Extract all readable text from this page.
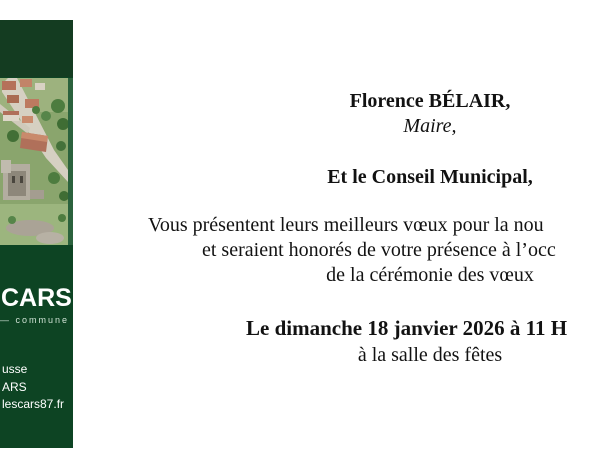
CARS
— commune
usse
ARS
lescars87.fr
Florence BÉLAIR,
Maire,
Et le Conseil Municipal,
Vous présentent leurs meilleurs vœux pour la nou
et seraient honorés de votre présence à l’occ
de la cérémonie des vœux
Le dimanche 18 janvier 2026 à 11 H
à la salle des fêtes
